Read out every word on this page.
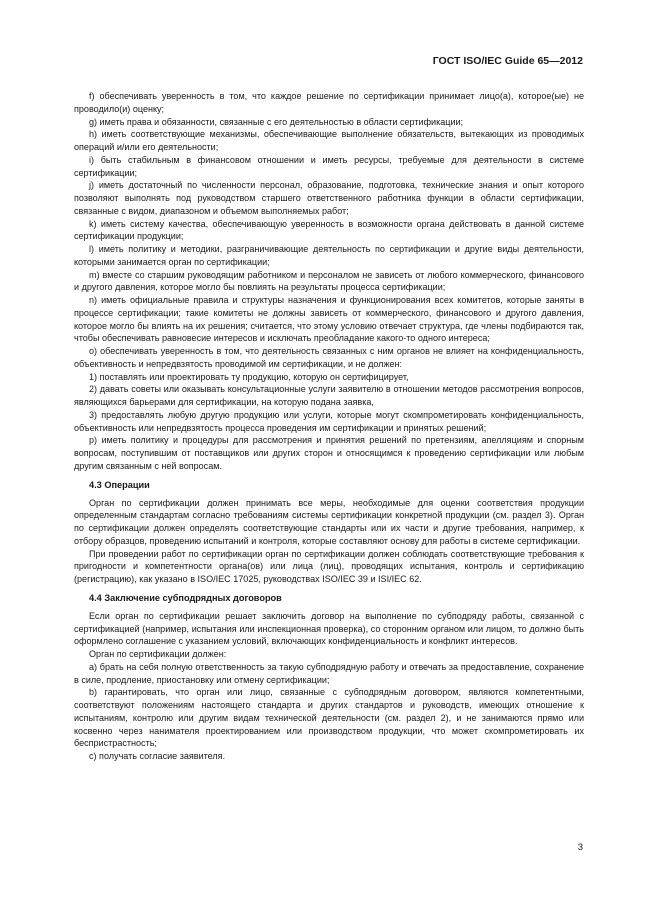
ГОСТ ISO/IEC Guide 65—2012

f) обеспечивать уверенность в том, что каждое решение по сертификации принимает лицо(а), которое(ые) не проводило(и) оценку;

g) иметь права и обязанности, связанные с его деятельностью в области сертификации;

h) иметь соответствующие механизмы, обеспечивающие выполнение обязательств, вытекающих из проводимых операций и/или его деятельности;

i) быть стабильным в финансовом отношении и иметь ресурсы, требуемые для деятельности в системе сертификации;

j) иметь достаточный по численности персонал, образование, подготовка, технические знания и опыт которого позволяют выполнять под руководством старшего ответственного работника функции в области сертификации, связанные с видом, диапазоном и объемом выполняемых работ;

k) иметь систему качества, обеспечивающую уверенность в возможности органа действовать в данной системе сертификации продукции;

l) иметь политику и методики, разграничивающие деятельность по сертификации и другие виды деятельности, которыми занимается орган по сертификации;

m) вместе со старшим руководящим работником и персоналом не зависеть от любого коммерческого, финансового и другого давления, которое могло бы повлиять на результаты процесса сертификации;

n) иметь официальные правила и структуры назначения и функционирования всех комитетов, которые заняты в процессе сертификации; такие комитеты не должны зависеть от коммерческого, финансового и другого давления, которое могло бы влиять на их решения; считается, что этому условию отвечает структура, где члены подбираются так, чтобы обеспечивать равновесие интересов и исключать преобладание какого-то одного интереса;

o) обеспечивать уверенность в том, что деятельность связанных с ним органов не влияет на конфиденциальность, объективность и непредвзятость проводимой им сертификации, и не должен:

1) поставлять или проектировать ту продукцию, которую он сертифицирует,

2) давать советы или оказывать консультационные услуги заявителю в отношении методов рассмотрения вопросов, являющихся барьерами для сертификации, на которую подана заявка,

3) предоставлять любую другую продукцию или услуги, которые могут скомпрометировать конфиденциальность, объективность или непредвзятость процесса проведения им сертификации и принятых решений;

p) иметь политику и процедуры для рассмотрения и принятия решений по претензиям, апелляциям и спорным вопросам, поступившим от поставщиков или других сторон и относящимся к проведению сертификации или любым другим связанным с ней вопросам.

4.3 Операции

Орган по сертификации должен принимать все меры, необходимые для оценки соответствия продукции определенным стандартам согласно требованиям системы сертификации конкретной продукции (см. раздел 3). Орган по сертификации должен определять соответствующие стандарты или их части и другие требования, например, к отбору образцов, проведению испытаний и контроля, которые составляют основу для работы в системе сертификации.

При проведении работ по сертификации орган по сертификации должен соблюдать соответствующие требования к пригодности и компетентности органа(ов) или лица (лиц), проводящих испытания, контроль и сертификацию (регистрацию), как указано в ISO/IEC 17025, руководствах ISO/IEC 39 и ISI/IEC 62.

4.4 Заключение субподрядных договоров

Если орган по сертификации решает заключить договор на выполнение по субподряду работы, связанной с сертификацией (например, испытания или инспекционная проверка), со сторонним органом или лицом, то должно быть оформлено соглашение с указанием условий, включающих конфиденциальность и конфликт интересов.

Орган по сертификации должен:

а) брать на себя полную ответственность за такую субподрядную работу и отвечать за предоставление, сохранение в силе, продление, приостановку или отмену сертификации;

b) гарантировать, что орган или лицо, связанные с субподрядным договором, являются компетентными, соответствуют положениям настоящего стандарта и других стандартов и руководств, имеющих отношение к испытаниям, контролю или другим видам технической деятельности (см. раздел 2), и не занимаются прямо или косвенно через нанимателя проектированием или производством продукции, что может скомпрометировать их беспристрастность;

c) получать согласие заявителя.

3
